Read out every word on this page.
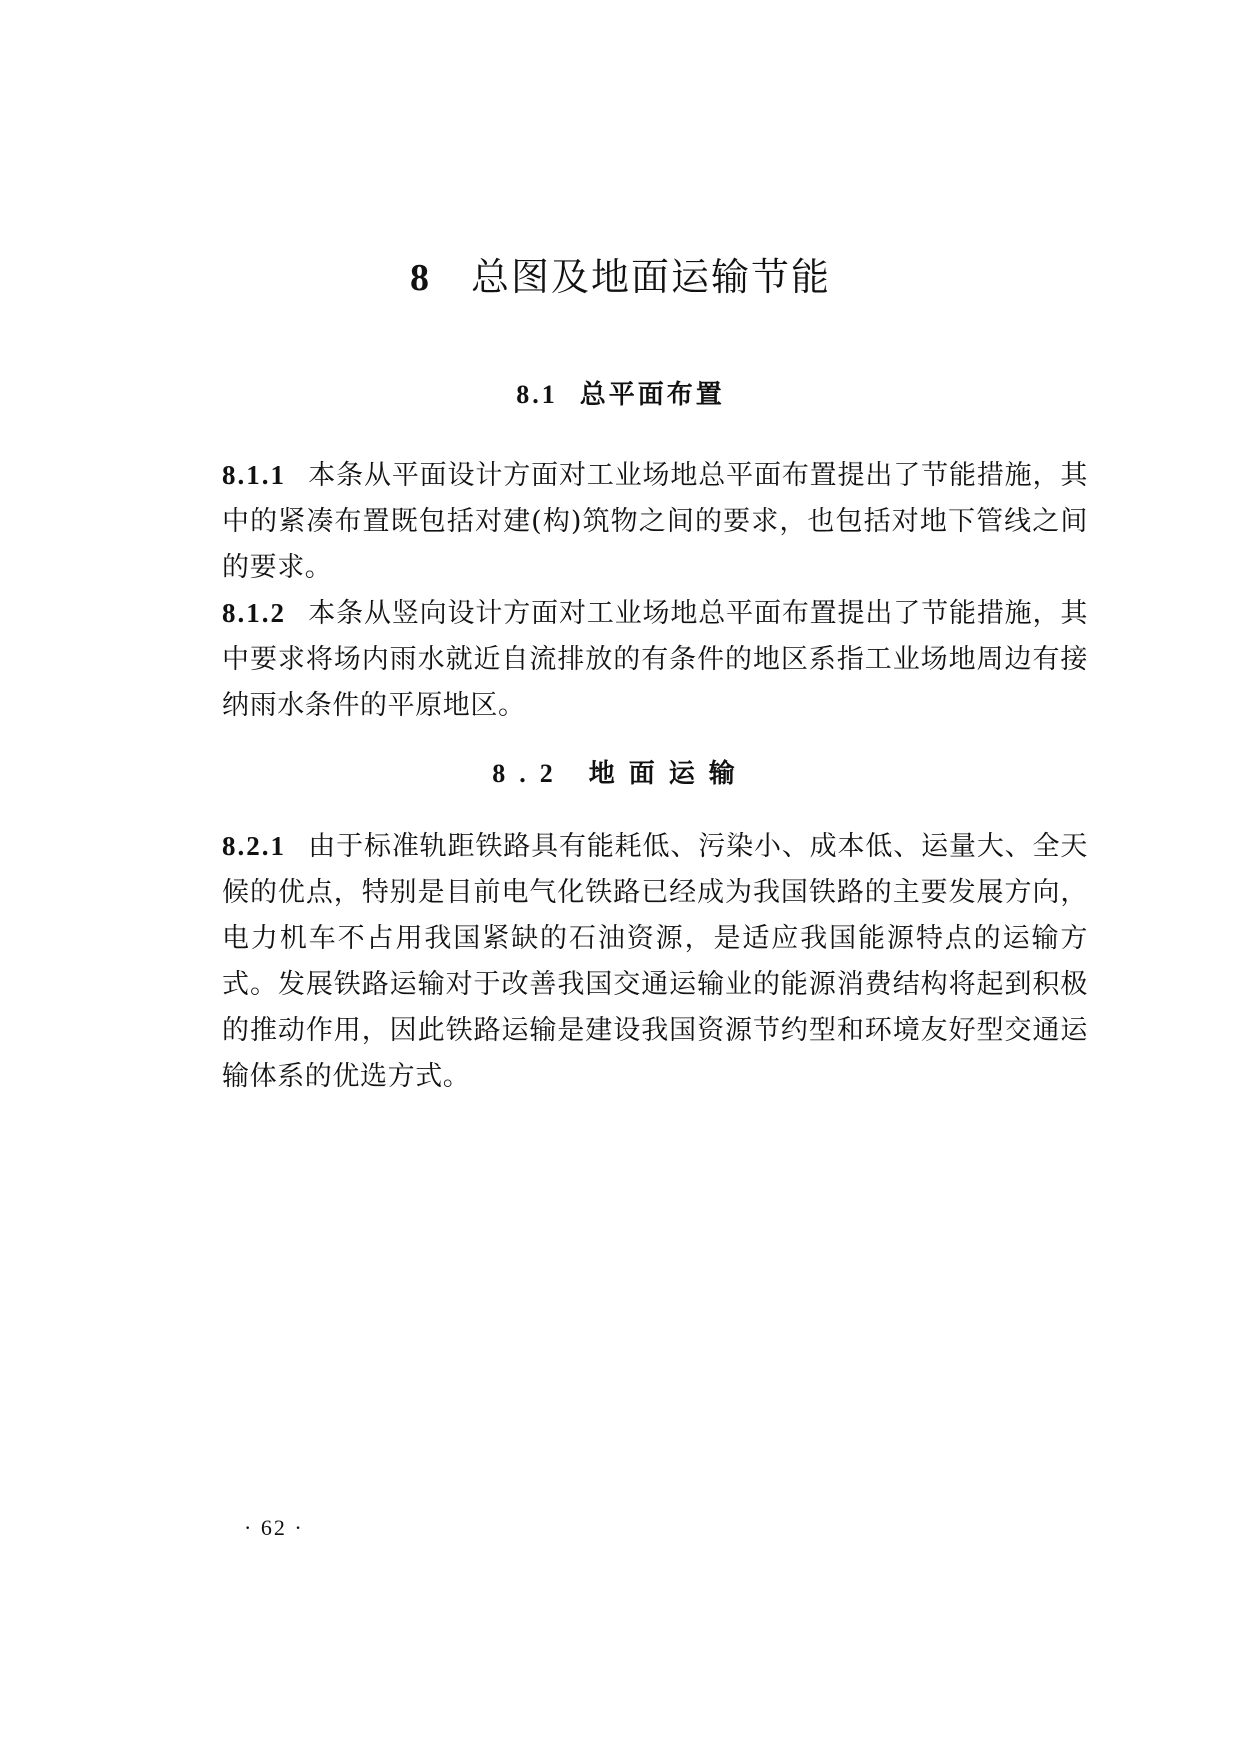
8 总图及地面运输节能
8.1 总平面布置
8.1.1 本条从平面设计方面对工业场地总平面布置提出了节能措施，其中的紧凑布置既包括对建(构)筑物之间的要求，也包括对地下管线之间的要求。
8.1.2 本条从竖向设计方面对工业场地总平面布置提出了节能措施，其中要求将场内雨水就近自流排放的有条件的地区系指工业场地周边有接纳雨水条件的平原地区。
8.2 地面运输
8.2.1 由于标准轨距铁路具有能耗低、污染小、成本低、运量大、全天候的优点，特别是目前电气化铁路已经成为我国铁路的主要发展方向，电力机车不占用我国紧缺的石油资源，是适应我国能源特点的运输方式。发展铁路运输对于改善我国交通运输业的能源消费结构将起到积极的推动作用，因此铁路运输是建设我国资源节约型和环境友好型交通运输体系的优选方式。
· 62 ·
